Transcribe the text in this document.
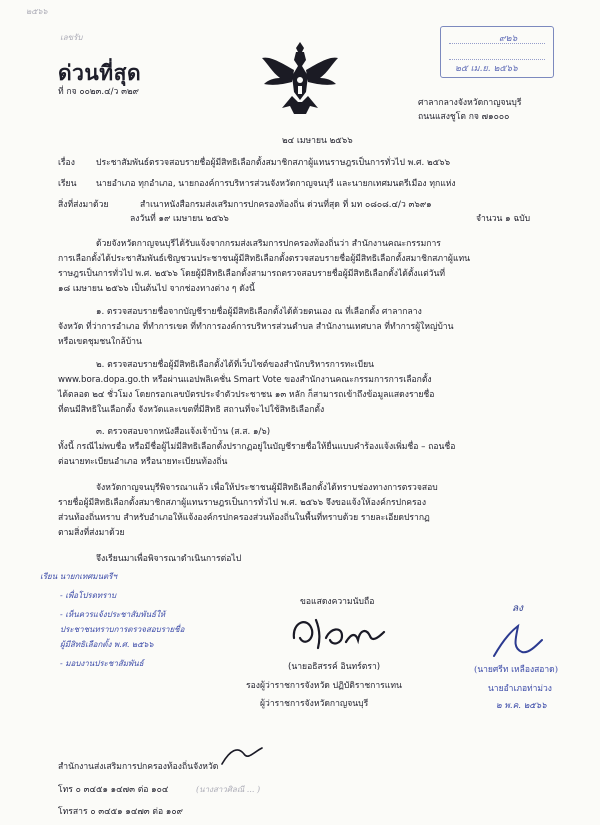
๒๕๖๖
เลขรับ
ด่วนที่สุด
ที่ กจ ๐๐๒๓.๔/ว ๓๒๙
๙๒๖
๒๕ เม.ย. ๒๕๖๖
ศาลากลางจังหวัดกาญจนบุรี
ถนนแสงชูโต กจ ๗๑๐๐๐
๒๔ เมษายน ๒๕๖๖
เรื่อง ประชาสัมพันธ์ตรวจสอบรายชื่อผู้มีสิทธิเลือกตั้งสมาชิกสภาผู้แทนราษฎรเป็นการทั่วไป พ.ศ. ๒๕๖๖
เรียน นายอำเภอ ทุกอำเภอ, นายกองค์การบริหารส่วนจังหวัดกาญจนบุรี และนายกเทศมนตรีเมือง ทุกแห่ง
สิ่งที่ส่งมาด้วย	สำเนาหนังสือกรมส่งเสริมการปกครองท้องถิ่น ด่วนที่สุด ที่ มท ๐๘๐๘.๔/ว ๓๖๙๑
ลงวันที่ ๑๙ เมษายน ๒๕๖๖	จำนวน ๑ ฉบับ
ด้วยจังหวัดกาญจนบุรีได้รับแจ้งจากกรมส่งเสริมการปกครองท้องถิ่นว่า สำนักงานคณะกรรมการ
การเลือกตั้งได้ประชาสัมพันธ์เชิญชวนประชาชนผู้มีสิทธิเลือกตั้งตรวจสอบรายชื่อผู้มีสิทธิเลือกตั้งสมาชิกสภาผู้แทน
ราษฎรเป็นการทั่วไป พ.ศ. ๒๕๖๖ โดยผู้มีสิทธิเลือกตั้งสามารถตรวจสอบรายชื่อผู้มีสิทธิเลือกตั้งได้ตั้งแต่วันที่
๑๘ เมษายน ๒๕๖๖ เป็นต้นไป จากช่องทางต่าง ๆ ดังนี้
๑. ตรวจสอบรายชื่อจากบัญชีรายชื่อผู้มีสิทธิเลือกตั้งได้ด้วยตนเอง ณ ที่เลือกตั้ง ศาลากลาง
จังหวัด ที่ว่าการอำเภอ ที่ทำการเขต ที่ทำการองค์การบริหารส่วนตำบล สำนักงานเทศบาล ที่ทำการผู้ใหญ่บ้าน
หรือเขตชุมชนใกล้บ้าน
๒. ตรวจสอบรายชื่อผู้มีสิทธิเลือกตั้งได้ที่เว็บไซต์ของสำนักบริหารการทะเบียน
www.bora.dopa.go.th หรือผ่านแอปพลิเคชั่น Smart Vote ของสำนักงานคณะกรรมการการเลือกตั้ง
ได้ตลอด ๒๔ ชั่วโมง โดยกรอกเลขบัตรประจำตัวประชาชน ๑๓ หลัก ก็สามารถเข้าถึงข้อมูลแสดงรายชื่อ
ที่ตนมีสิทธิในเลือกตั้ง จังหวัดและเขตที่มีสิทธิ สถานที่จะไปใช้สิทธิเลือกตั้ง
๓. ตรวจสอบจากหนังสือแจ้งเจ้าบ้าน (ส.ส. ๑/๖)
ทั้งนี้ กรณีไม่พบชื่อ หรือมีชื่อผู้ไม่มีสิทธิเลือกตั้งปรากฏอยู่ในบัญชีรายชื่อให้ยื่นแบบคำร้องแจ้งเพิ่มชื่อ – ถอนชื่อ
ต่อนายทะเบียนอำเภอ หรือนายทะเบียนท้องถิ่น
จังหวัดกาญจนบุรีพิจารณาแล้ว เพื่อให้ประชาชนผู้มีสิทธิเลือกตั้งได้ทราบช่องทางการตรวจสอบ
รายชื่อผู้มีสิทธิเลือกตั้งสมาชิกสภาผู้แทนราษฎรเป็นการทั่วไป พ.ศ. ๒๕๖๖ จึงขอแจ้งให้องค์กรปกครอง
ส่วนท้องถิ่นทราบ สำหรับอำเภอให้แจ้งองค์กรปกครองส่วนท้องถิ่นในพื้นที่ทราบด้วย รายละเอียดปรากฏ
ตามสิ่งที่ส่งมาด้วย
จึงเรียนมาเพื่อพิจารณาดำเนินการต่อไป
เรียน นายกเทศมนตรีฯ
- เพื่อโปรดทราบ
- เห็นควรแจ้งประชาสัมพันธ์ให้
ประชาชนทราบการตรวจสอบรายชื่อ
ผู้มีสิทธิเลือกตั้ง พ.ศ. ๒๕๖๖
- มอบงานประชาสัมพันธ์
ขอแสดงความนับถือ
(นายอธิสรรค์ อินทร์ตรา)
รองผู้ว่าราชการจังหวัด ปฏิบัติราชการแทน
ผู้ว่าราชการจังหวัดกาญจนบุรี
ลง
(นายศรีท เหลืองสอาด)
นายอำเภอท่าม่วง
๒ พ.ค. ๒๕๖๖
สำนักงานส่งเสริมการปกครองท้องถิ่นจังหวัด
โทร ๐ ๓๔๕๑ ๑๔๗๓ ต่อ ๑๐๔	(นางสาวศิลณี ... )
โทรสาร ๐ ๓๔๕๑ ๑๔๗๓ ต่อ ๑๐๙
